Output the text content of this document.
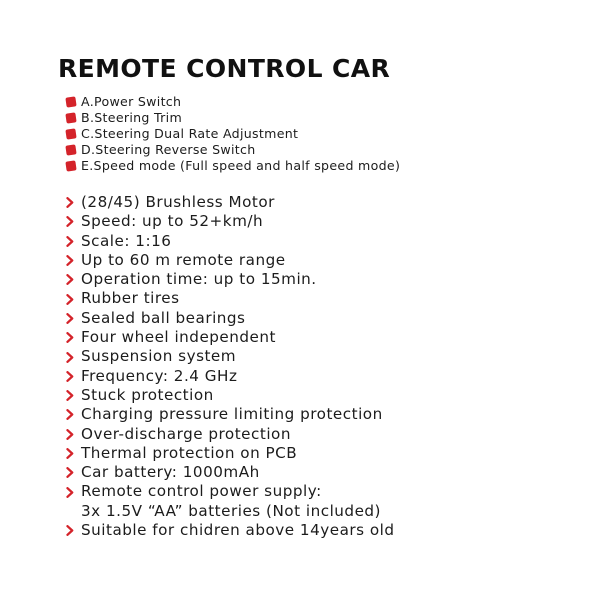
REMOTE CONTROL CAR
A.Power Switch
B.Steering Trim
C.Steering Dual Rate Adjustment
D.Steering Reverse Switch
E.Speed mode (Full speed and half speed mode)
(28/45) Brushless Motor
Speed: up to 52+km/h
Scale: 1:16
Up to 60 m remote range
Operation time: up to 15min.
Rubber tires
Sealed ball bearings
Four wheel independent
Suspension system
Frequency: 2.4 GHz
Stuck protection
Charging pressure limiting protection
Over-discharge protection
Thermal protection on PCB
Car battery: 1000mAh
Remote control power supply:
3x 1.5V “AA” batteries (Not included)
Suitable for chidren above 14years old
